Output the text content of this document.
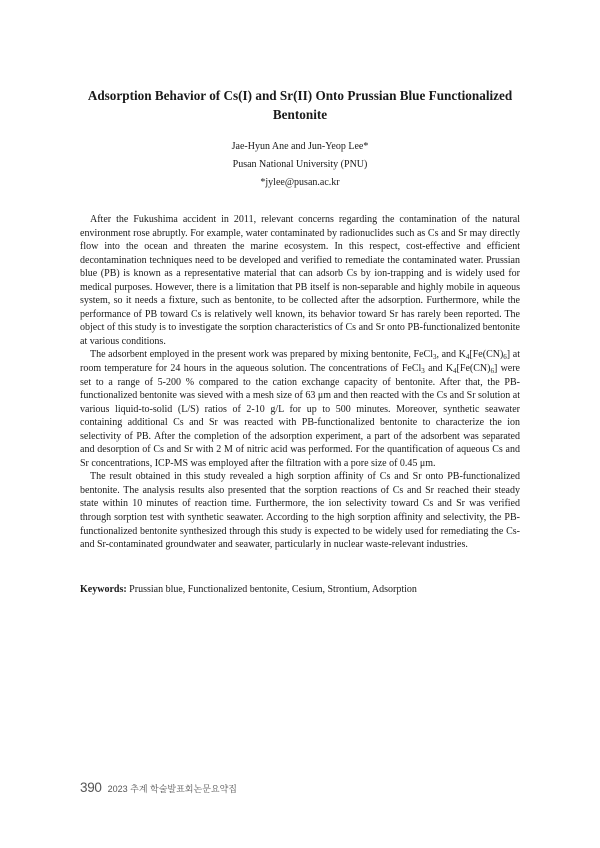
Adsorption Behavior of Cs(I) and Sr(II) Onto Prussian Blue Functionalized Bentonite
Jae-Hyun Ane and Jun-Yeop Lee*
Pusan National University (PNU)
*jylee@pusan.ac.kr

After the Fukushima accident in 2011, relevant concerns regarding the contamination of the natural environment rose abruptly. For example, water contaminated by radionuclides such as Cs and Sr may directly flow into the ocean and threaten the marine ecosystem. In this respect, cost-effective and efficient decontamination techniques need to be developed and verified to remediate the contaminated water. Prussian blue (PB) is known as a representative material that can adsorb Cs by ion-trapping and is widely used for medical purposes. However, there is a limitation that PB itself is non-separable and highly mobile in aqueous system, so it needs a fixture, such as bentonite, to be collected after the adsorption. Furthermore, while the performance of PB toward Cs is relatively well known, its behavior toward Sr has rarely been reported. The object of this study is to investigate the sorption characteristics of Cs and Sr onto PB-functionalized bentonite at various conditions.

The adsorbent employed in the present work was prepared by mixing bentonite, FeCl$_3$, and $K_4[Fe(CN)_6]$ at room temperature for 24 hours in the aqueous solution. The concentrations of FeCl$_3$ and $K_4[Fe(CN)_6]$ were set to a range of 5-200 % compared to the cation exchange capacity of bentonite. After that, the PB-functionalized bentonite was sieved with a mesh size of 63 μm and then reacted with the Cs and Sr solution at various liquid-to-solid (L/S) ratios of 2-10 g/L for up to 500 minutes. Moreover, synthetic seawater containing additional Cs and Sr was reacted with PB-functionalized bentonite to characterize the ion selectivity of PB. After the completion of the adsorption experiment, a part of the adsorbent was separated and desorption of Cs and Sr with 2 M of nitric acid was performed. For the quantification of aqueous Cs and Sr concentrations, ICP-MS was employed after the filtration with a pore size of 0.45 μm.

The result obtained in this study revealed a high sorption affinity of Cs and Sr onto PB-functionalized bentonite. The analysis results also presented that the sorption reactions of Cs and Sr reached their steady state within 10 minutes of reaction time. Furthermore, the ion selectivity toward Cs and Sr was verified through sorption test with synthetic seawater. According to the high sorption affinity and selectivity, the PB-functionalized bentonite synthesized through this study is expected to be widely used for remediating the Cs- and Sr-contaminated groundwater and seawater, particularly in nuclear waste-relevant industries.

Keywords: Prussian blue, Functionalized bentonite, Cesium, Strontium, Adsorption
390 2023 추계 학술발표회논문요약집
